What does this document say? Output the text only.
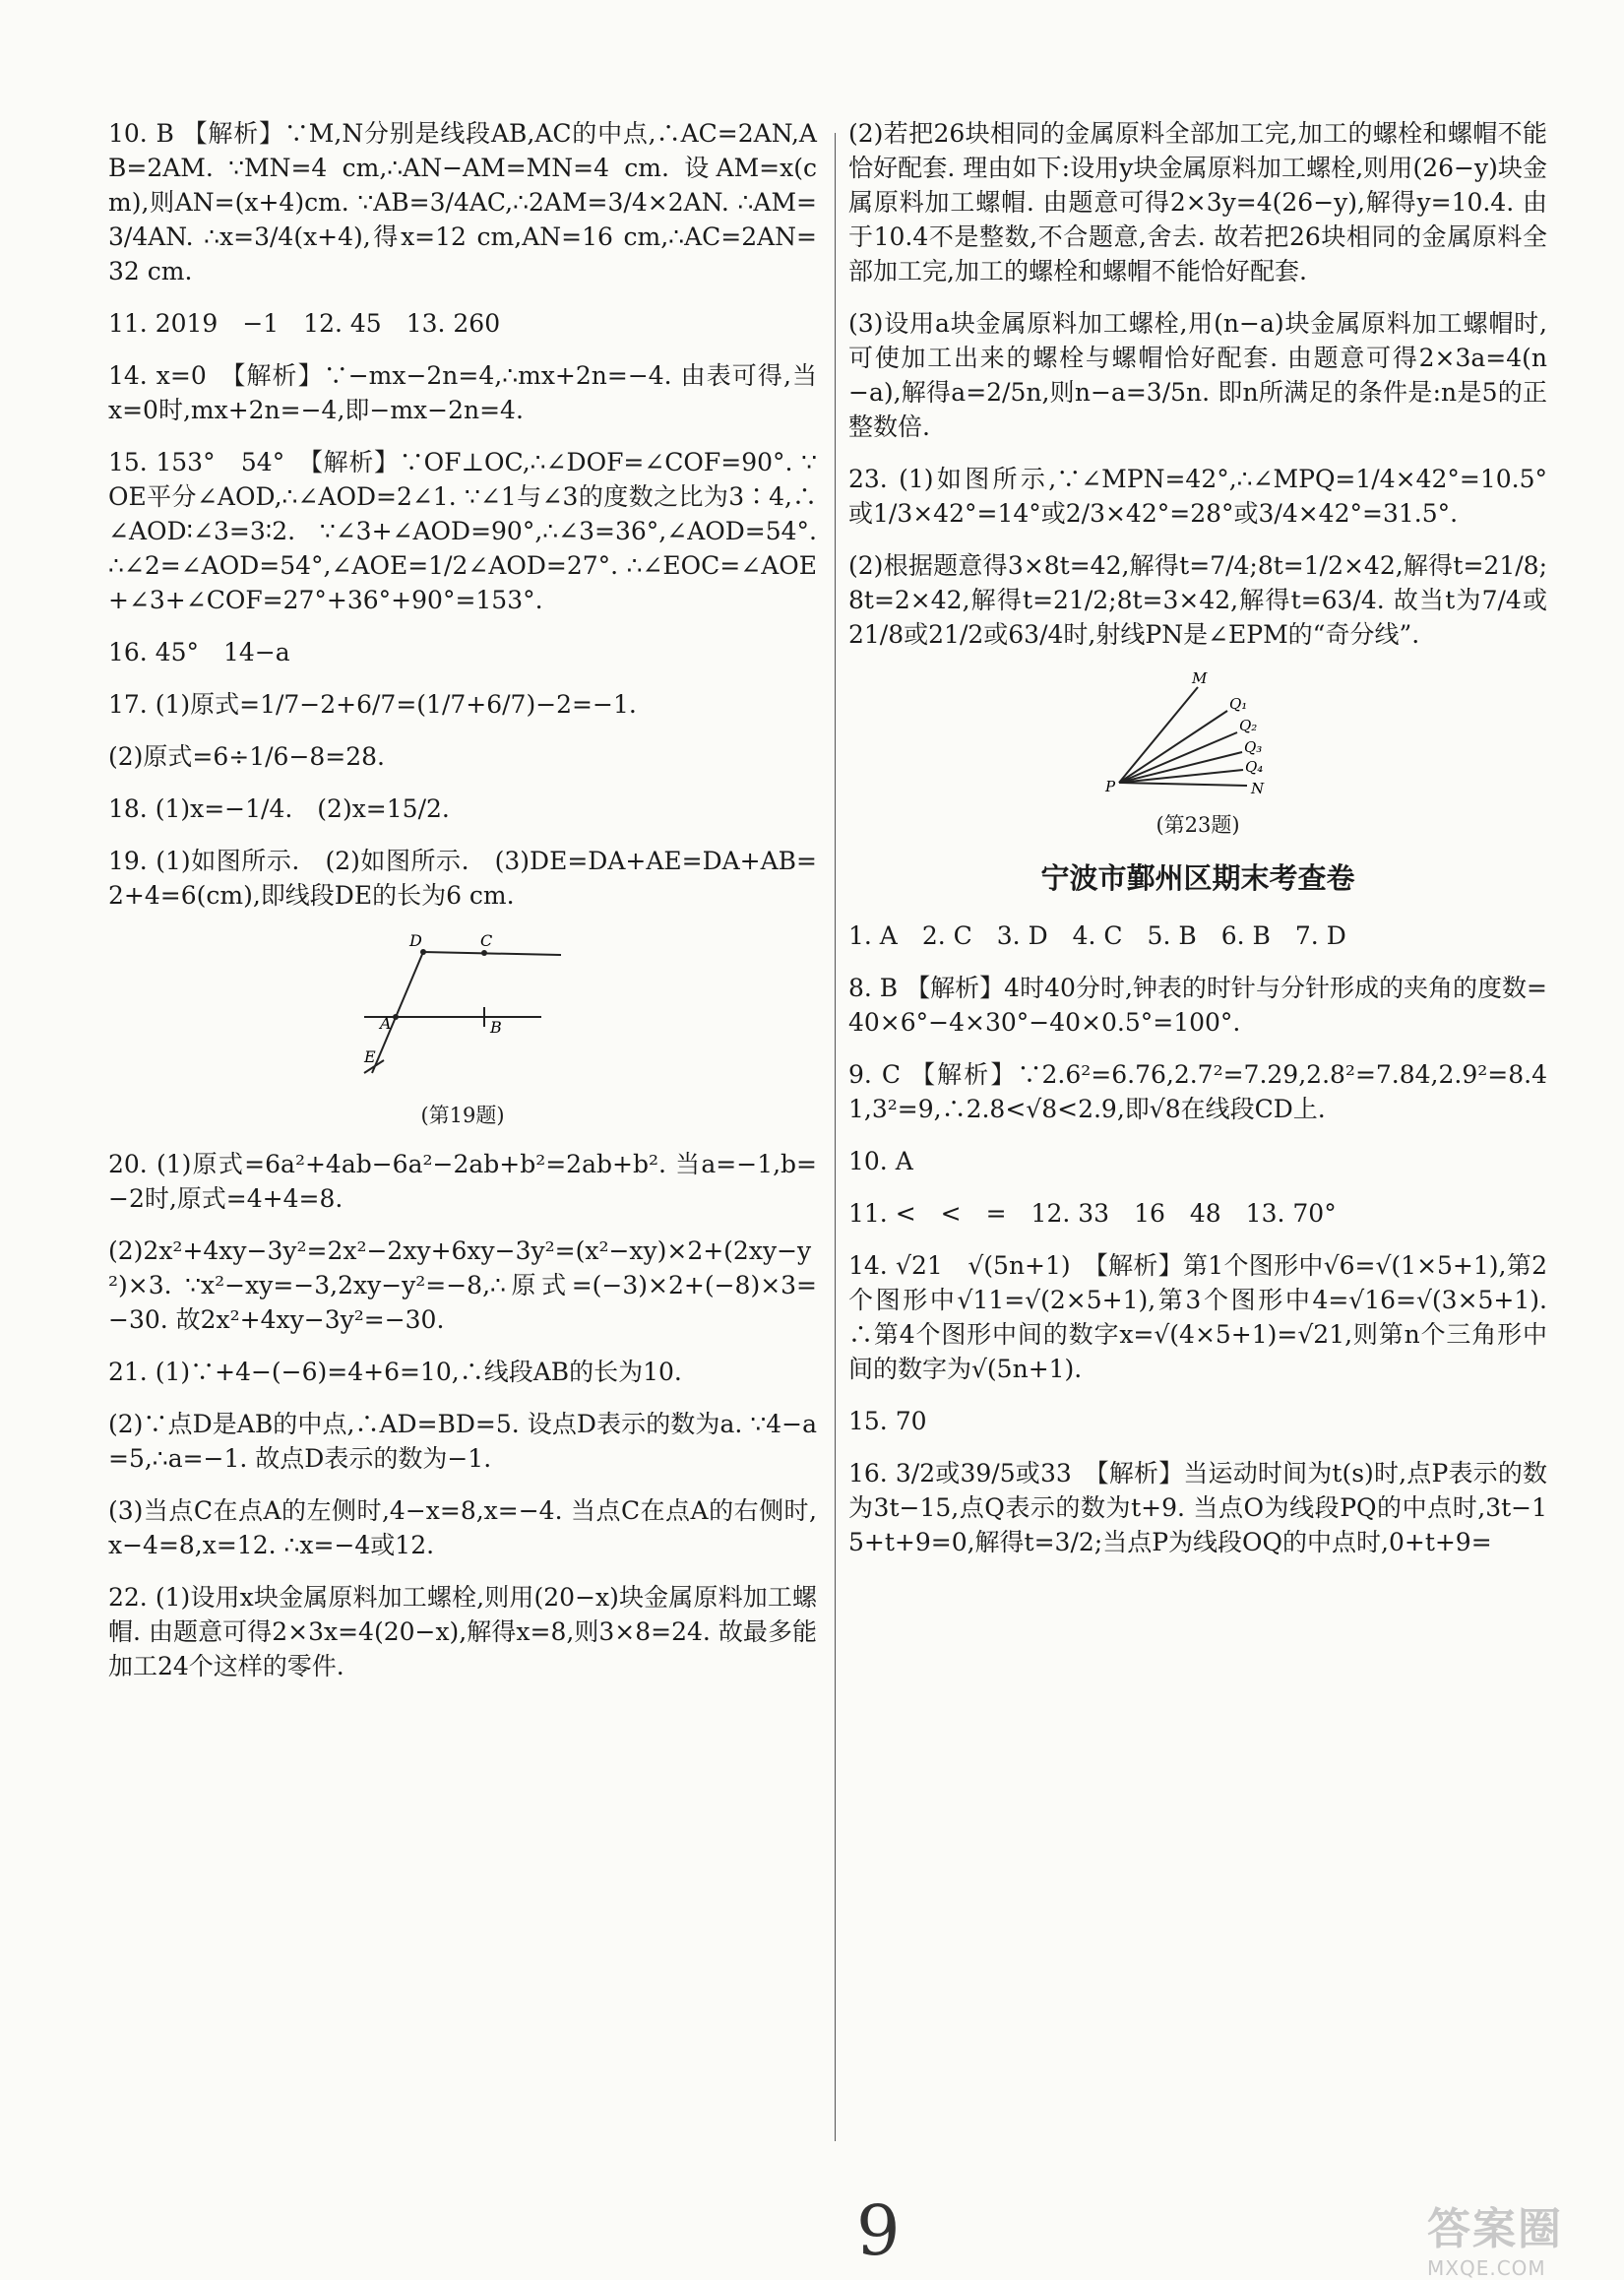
10. B 【解析】∵M,N分别是线段AB,AC的中点,∴AC=2AN,AB=2AM. ∵MN=4 cm,∴AN−AM=MN=4 cm. 设AM=x(cm),则AN=(x+4)cm. ∵AB=3/4AC,∴2AM=3/4×2AN. ∴AM=3/4AN. ∴x=3/4(x+4),得x=12 cm,AN=16 cm,∴AC=2AN=32 cm.

11. 2019　−1　12. 45　13. 260

14. x=0　【解析】∵−mx−2n=4,∴mx+2n=−4. 由表可得,当x=0时,mx+2n=−4,即−mx−2n=4.

15. 153°　54°　【解析】∵OF⊥OC,∴∠DOF=∠COF=90°. ∵OE平分∠AOD,∴∠AOD=2∠1. ∵∠1与∠3的度数之比为3∶4,∴∠AOD∶∠3=3∶2. ∵∠3+∠AOD=90°,∴∠3=36°,∠AOD=54°. ∴∠2=∠AOD=54°,∠AOE=1/2∠AOD=27°. ∴∠EOC=∠AOE+∠3+∠COF=27°+36°+90°=153°.

16. 45°　14−a

17. (1)原式=1/7−2+6/7=(1/7+6/7)−2=−1.

(2)原式=6÷1/6−8=28.

18. (1)x=−1/4.　(2)x=15/2.

19. (1)如图所示.　(2)如图所示.　(3)DE=DA+AE=DA+AB=2+4=6(cm),即线段DE的长为6 cm.

D	C
A	B
E
(第19题)

20. (1)原式=6a²+4ab−6a²−2ab+b²=2ab+b². 当a=−1,b=−2时,原式=4+4=8.

(2)2x²+4xy−3y²=2x²−2xy+6xy−3y²=(x²−xy)×2+(2xy−y²)×3. ∵x²−xy=−3,2xy−y²=−8,∴原式=(−3)×2+(−8)×3=−30. 故2x²+4xy−3y²=−30.

21. (1)∵+4−(−6)=4+6=10,∴线段AB的长为10.

(2)∵点D是AB的中点,∴AD=BD=5. 设点D表示的数为a. ∵4−a=5,∴a=−1. 故点D表示的数为−1.

(3)当点C在点A的左侧时,4−x=8,x=−4. 当点C在点A的右侧时,x−4=8,x=12. ∴x=−4或12.

22. (1)设用x块金属原料加工螺栓,则用(20−x)块金属原料加工螺帽. 由题意可得2×3x=4(20−x),解得x=8,则3×8=24. 故最多能加工24个这样的零件.

(2)若把26块相同的金属原料全部加工完,加工的螺栓和螺帽不能恰好配套. 理由如下:设用y块金属原料加工螺栓,则用(26−y)块金属原料加工螺帽. 由题意可得2×3y=4(26−y),解得y=10.4. 由于10.4不是整数,不合题意,舍去. 故若把26块相同的金属原料全部加工完,加工的螺栓和螺帽不能恰好配套.

(3)设用a块金属原料加工螺栓,用(n−a)块金属原料加工螺帽时,可使加工出来的螺栓与螺帽恰好配套. 由题意可得2×3a=4(n−a),解得a=2/5n,则n−a=3/5n. 即n所满足的条件是:n是5的正整数倍.

23. (1)如图所示,∵∠MPN=42°,∴∠MPQ=1/4×42°=10.5°或1/3×42°=14°或2/3×42°=28°或3/4×42°=31.5°.

(2)根据题意得3×8t=42,解得t=7/4;8t=1/2×42,解得t=21/8;8t=2×42,解得t=21/2;8t=3×42,解得t=63/4. 故当t为7/4或21/8或21/2或63/4时,射线PN是∠EPM的“奇分线”.

M
Q₁
Q₂
Q₃
Q₄
P	N
(第23题)
宁波市鄞州区期末考查卷

1. A　2. C　3. D　4. C　5. B　6. B　7. D

8. B 【解析】4时40分时,钟表的时针与分针形成的夹角的度数=40×6°−4×30°−40×0.5°=100°.

9. C 【解析】∵2.6²=6.76,2.7²=7.29,2.8²=7.84,2.9²=8.41,3²=9,∴2.8<√8<2.9,即√8在线段CD上.

10. A

11. <　<　=　12. 33　16　48　13. 70°

14. √21　√(5n+1)　【解析】第1个图形中√6=√(1×5+1),第2个图形中√11=√(2×5+1),第3个图形中4=√16=√(3×5+1). ∴第4个图形中间的数字x=√(4×5+1)=√21,则第n个三角形中间的数字为√(5n+1).

15. 70

16. 3/2或39/5或33　【解析】当运动时间为t(s)时,点P表示的数为3t−15,点Q表示的数为t+9. 当点O为线段PQ的中点时,3t−15+t+9=0,解得t=3/2;当点P为线段OQ的中点时,0+t+9=

9	答案圈
MXQE.COM
